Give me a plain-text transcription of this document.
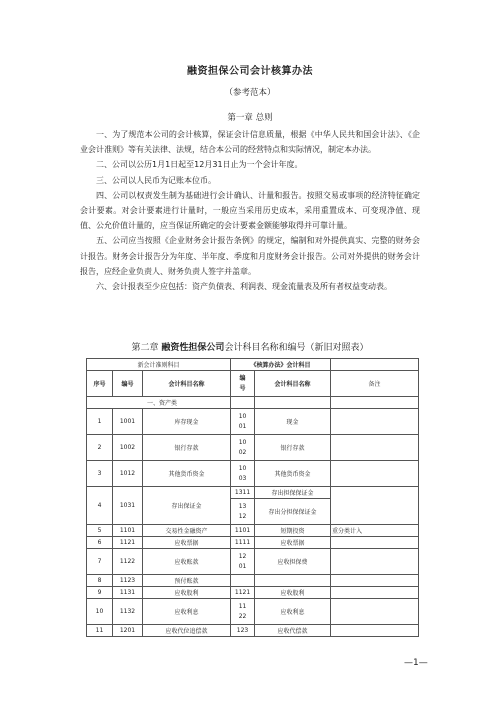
融资担保公司会计核算办法
（参考范本）
第一章 总则

一、为了规范本公司的会计核算，保证会计信息质量，根据《中华人民共和国会计法》、《企业会计准则》等有关法律、法规，结合本公司的经营特点和实际情况，制定本办法。

二、公司以公历1月1日起至12月31日止为一个会计年度。

三、公司以人民币为记账本位币。

四、公司以权责发生制为基础进行会计确认、计量和报告。按照交易或事项的经济特征确定会计要素。对会计要素进行计量时，一般应当采用历史成本，采用重置成本、可变现净值、现值、公允价值计量的，应当保证所确定的会计要素金额能够取得并可靠计量。

五、公司应当按照《企业财务会计报告条例》的规定，编制和对外提供真实、完整的财务会计报告。财务会计报告分为年度、半年度、季度和月度财务会计报告。公司对外提供的财务会计报告，应经企业负责人、财务负责人签字并盖章。

六、会计报表至少应包括：资产负债表、利润表、现金流量表及所有者权益变动表。

第二章 融资性担保公司会计科目名称和编号（新旧对照表）
新会计准则科目			《核算办法》会计科目		
序号	编号	会计科目名称	编号	会计科目名称	备注
一、资产类					
1	1001	库存现金	1001	现金	
2	1002	银行存款	1002	银行存款	
3	1012	其他货币资金	1003	其他货币资金	
4	1031	存出保证金	1311	存出担保保证金	
			1312	存出分担保保证金	
5	1101	交易性金融资产	1101	短期投资	重分类计入
6	1121	应收票据	1111	应收票据	
7	1122	应收账款	1201	应收担保费	
8	1123	预付账款			
9	1131	应收股利	1121	应收股利	
10	1132	应收利息	1122	应收利息	
11	1201	应收代位追偿款	123	应收代偿款	
—1—
